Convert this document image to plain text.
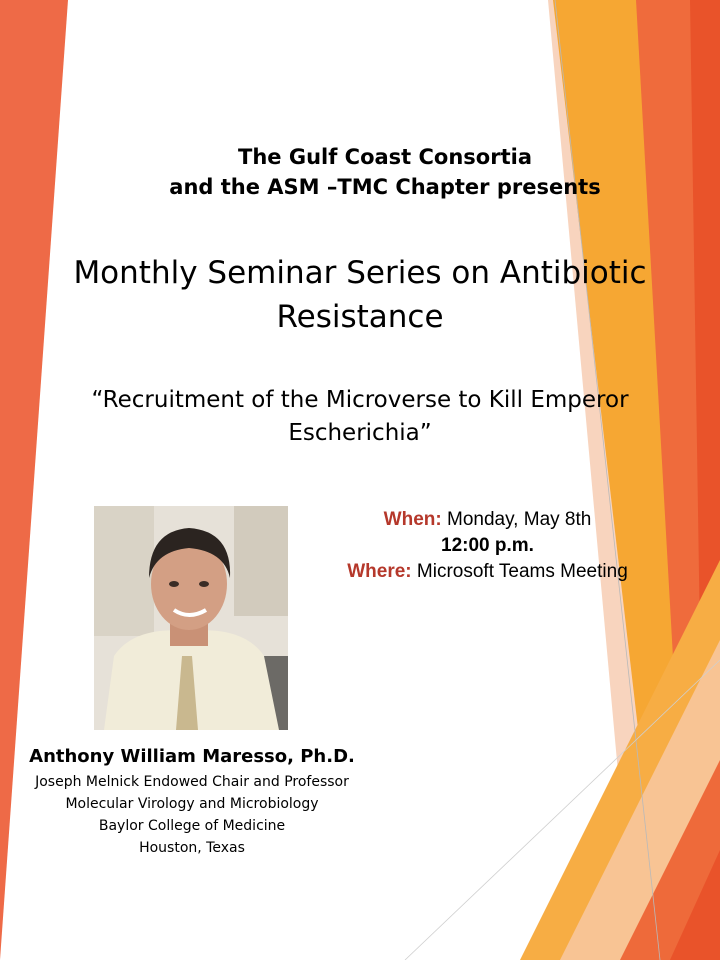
The Gulf Coast Consortia
and the ASM –TMC Chapter presents
Monthly Seminar Series on Antibiotic
Resistance
“Recruitment of the Microverse to Kill Emperor
Escherichia”
When: Monday, May 8th
12:00 p.m.
Where: Microsoft Teams Meeting
Anthony William Maresso, Ph.D.
Joseph Melnick Endowed Chair and Professor
Molecular Virology and Microbiology
Baylor College of Medicine
Houston, Texas
